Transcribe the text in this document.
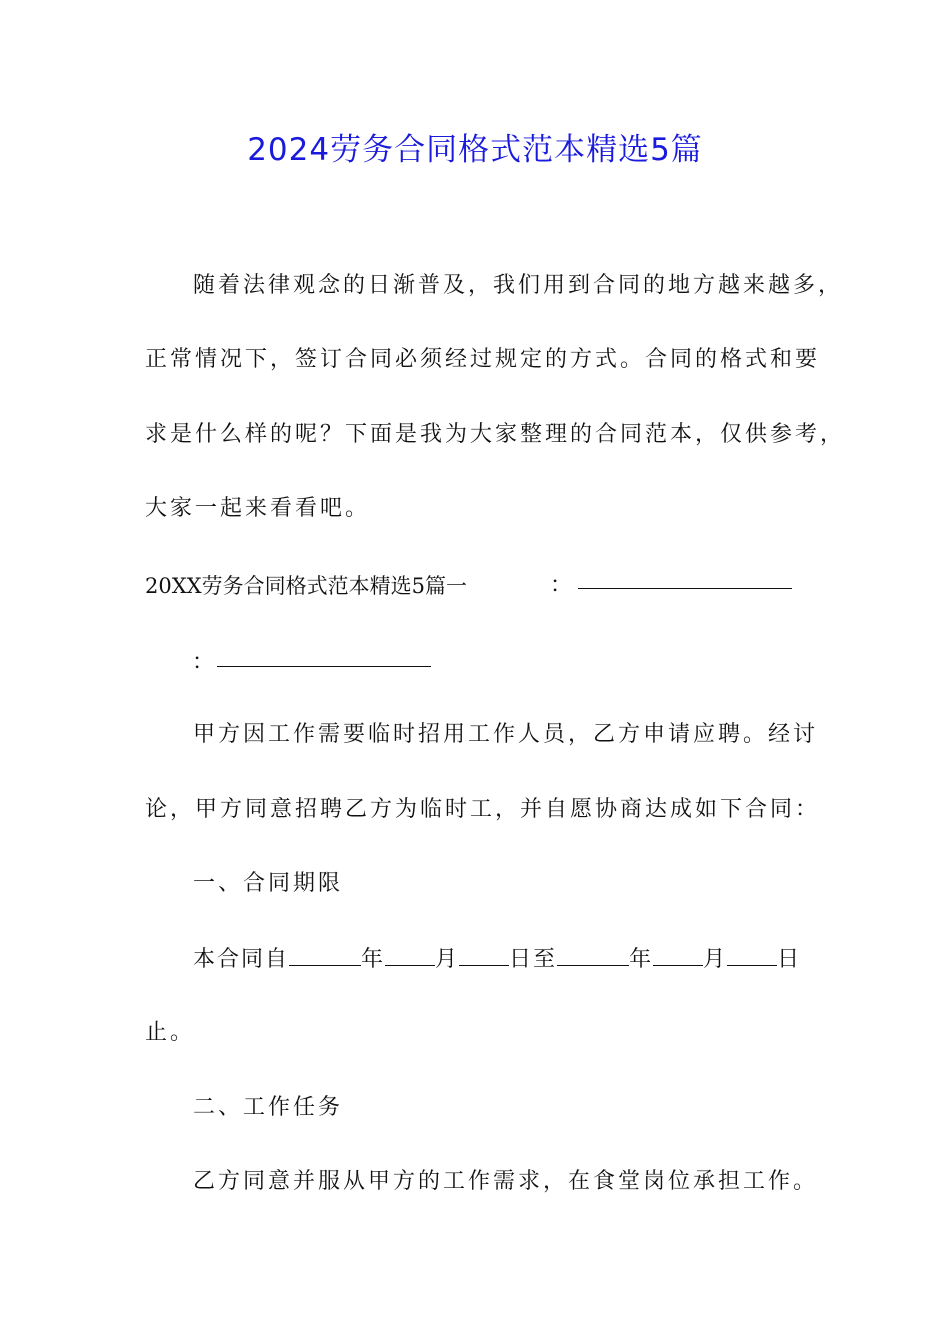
2024劳务合同格式范本精选5篇
随着法律观念的日渐普及，我们用到合同的地方越来越多，
正常情况下，签订合同必须经过规定的方式。合同的格式和要
求是什么样的呢？下面是我为大家整理的合同范本，仅供参考，
大家一起来看看吧。
20XX劳务合同格式范本精选5篇一	：
：
甲方因工作需要临时招用工作人员，乙方申请应聘。经讨
论，甲方同意招聘乙方为临时工，并自愿协商达成如下合同：
一、合同期限
本合同自	年 月 日至	年 月 日
止。
二、工作任务
乙方同意并服从甲方的工作需求，在食堂岗位承担工作。
